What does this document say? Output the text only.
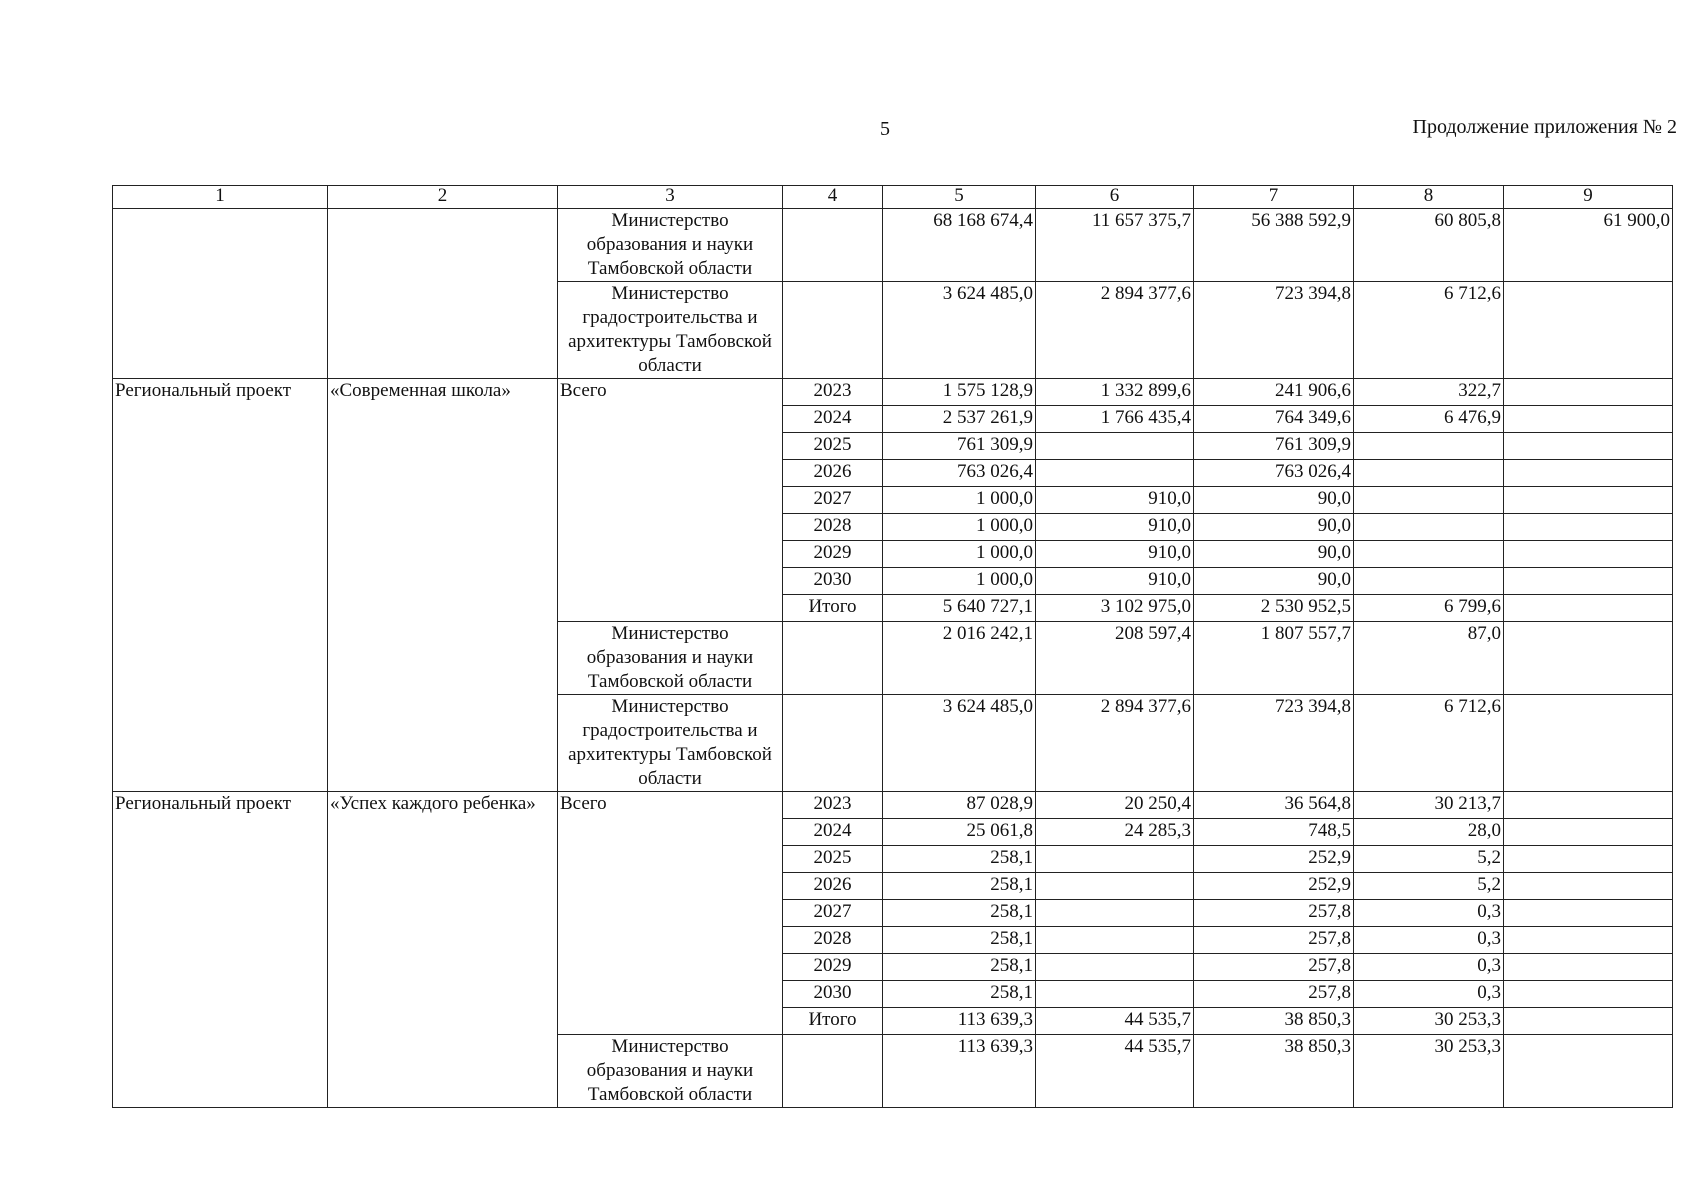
5	Продолжение приложения № 2
1	2	3	4	5	6	7	8	9
		Министерство образования и науки Тамбовской области		68 168 674,4	11 657 375,7	56 388 592,9	60 805,8	61 900,0
		Министерство градостроительства и архитектуры Тамбовской области		3 624 485,0	2 894 377,6	723 394,8	6 712,6	
Региональный проект	«Современная школа»	Всего	2023	1 575 128,9	1 332 899,6	241 906,6	322,7	
			2024	2 537 261,9	1 766 435,4	764 349,6	6 476,9	
			2025	761 309,9		761 309,9		
			2026	763 026,4		763 026,4		
			2027	1 000,0	910,0	90,0		
			2028	1 000,0	910,0	90,0		
			2029	1 000,0	910,0	90,0		
			2030	1 000,0	910,0	90,0		
			Итого	5 640 727,1	3 102 975,0	2 530 952,5	6 799,6	
		Министерство образования и науки Тамбовской области		2 016 242,1	208 597,4	1 807 557,7	87,0	
		Министерство градостроительства и архитектуры Тамбовской области		3 624 485,0	2 894 377,6	723 394,8	6 712,6	
Региональный проект	«Успех каждого ребенка»	Всего	2023	87 028,9	20 250,4	36 564,8	30 213,7	
			2024	25 061,8	24 285,3	748,5	28,0	
			2025	258,1		252,9	5,2	
			2026	258,1		252,9	5,2	
			2027	258,1		257,8	0,3	
			2028	258,1		257,8	0,3	
			2029	258,1		257,8	0,3	
			2030	258,1		257,8	0,3	
			Итого	113 639,3	44 535,7	38 850,3	30 253,3	
		Министерство образования и науки Тамбовской области		113 639,3	44 535,7	38 850,3	30 253,3	
